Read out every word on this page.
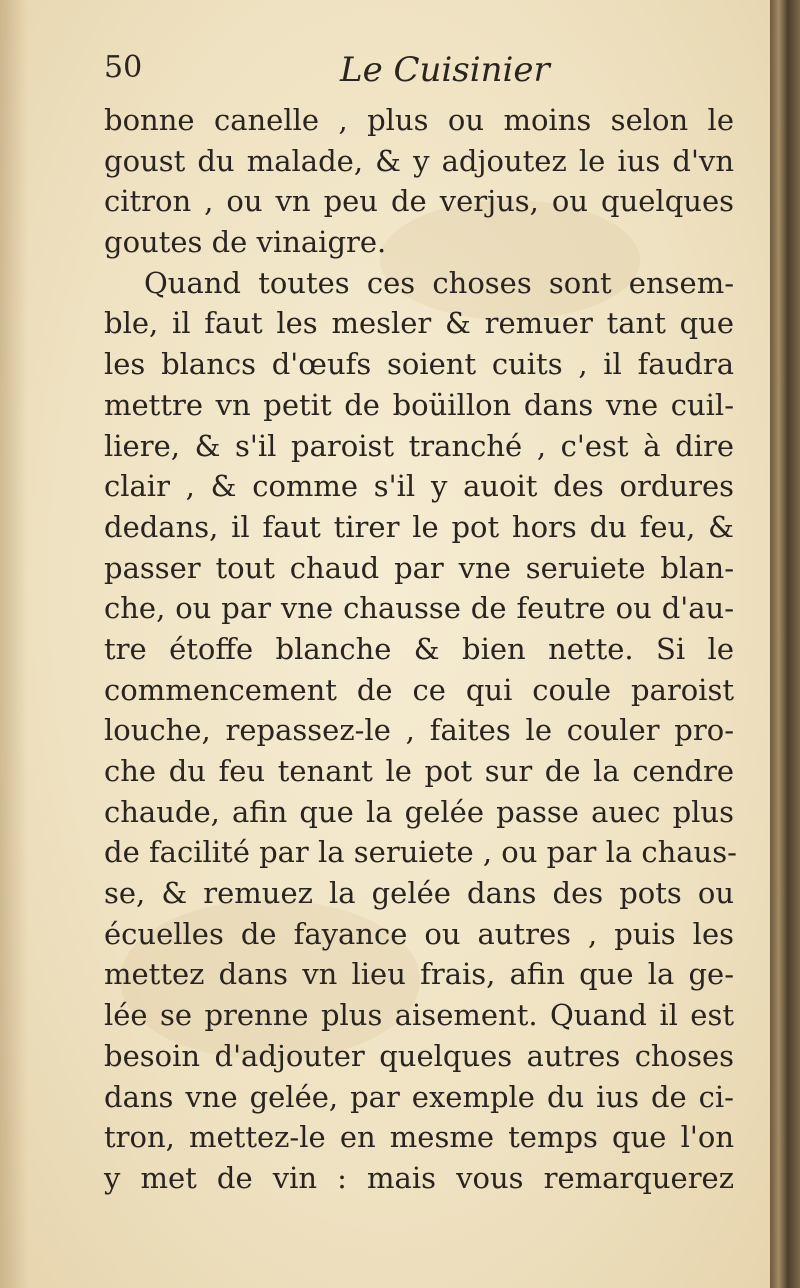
50	Le Cuisinier
bonne canelle , plus ou moins selon le
goust du malade, & y adjoutez le ius d'vn
citron , ou vn peu de verjus, ou quelques
goutes de vinaigre.
Quand toutes ces choses sont ensem-
ble, il faut les mesler & remuer tant que
les blancs d'œufs soient cuits , il faudra
mettre vn petit de boüillon dans vne cuil-
liere, & s'il paroist tranché , c'est à dire
clair , & comme s'il y auoit des ordures
dedans, il faut tirer le pot hors du feu, &
passer tout chaud par vne seruiete blan-
che, ou par vne chausse de feutre ou d'au-
tre étoffe blanche & bien nette. Si le
commencement de ce qui coule paroist
louche, repassez-le , faites le couler pro-
che du feu tenant le pot sur de la cendre
chaude, afin que la gelée passe auec plus
de facilité par la seruiete , ou par la chaus-
se, & remuez la gelée dans des pots ou
écuelles de fayance ou autres , puis les
mettez dans vn lieu frais, afin que la ge-
lée se prenne plus aisement. Quand il est
besoin d'adjouter quelques autres choses
dans vne gelée, par exemple du ius de ci-
tron, mettez-le en mesme temps que l'on
y met de vin : mais vous remarquerez
